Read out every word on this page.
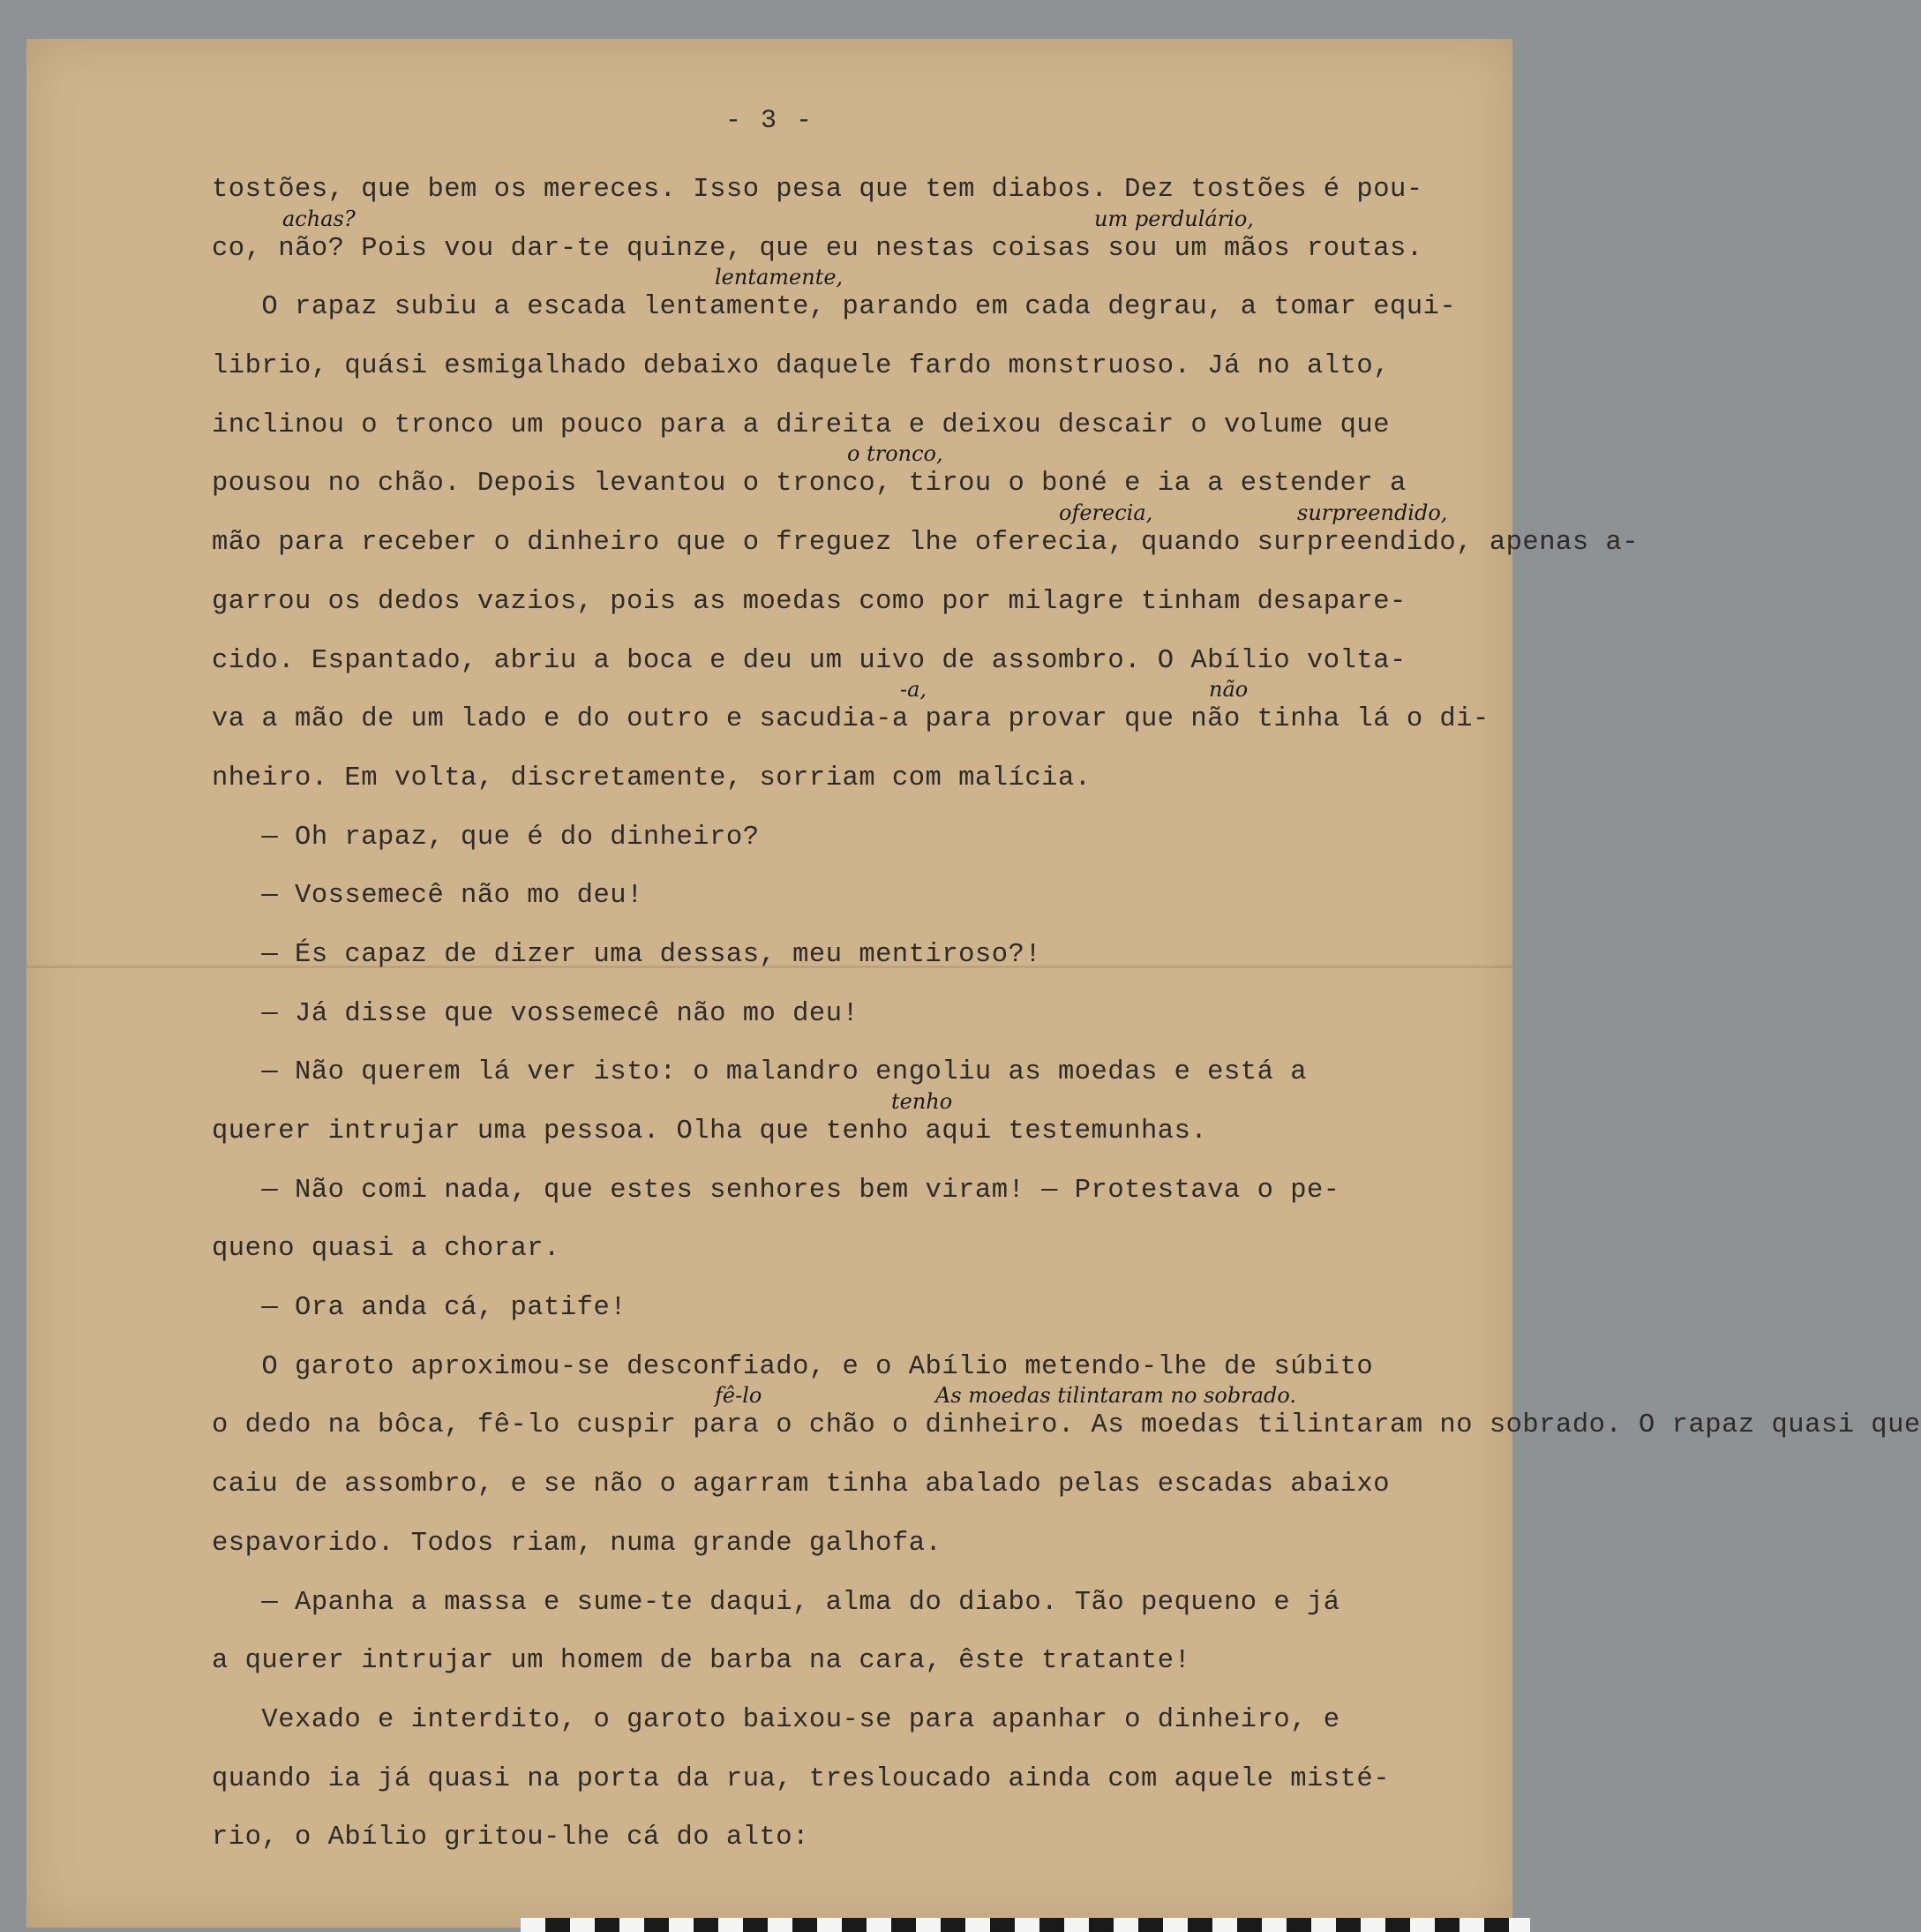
- 3 -
tostões, que bem os mereces. Isso pesa que tem diabos. Dez tostões é pou-
co, não? Pois vou dar-te quinze, que eu nestas coisas sou um mãos routas.
achas?	um perdulário,
O rapaz subiu a escada lentamente, parando em cada degrau, a tomar equi-
lentamente,
librio, quási esmigalhado debaixo daquele fardo monstruoso. Já no alto,
inclinou o tronco um pouco para a direita e deixou descair o volume que
pousou no chão. Depois levantou o tronco, tirou o boné e ia a estender a
o tronco,
mão para receber o dinheiro que o freguez lhe oferecia, quando surpreendido, apenas a-
oferecia,	surpreendido,
garrou os dedos vazios, pois as moedas como por milagre tinham desapare-
cido. Espantado, abriu a boca e deu um uivo de assombro. O Abílio volta-
va a mão de um lado e do outro e sacudia-a para provar que não tinha lá o di-
-a,	não
nheiro. Em volta, discretamente, sorriam com malícia.
— Oh rapaz, que é do dinheiro?
— Vossemecê não mo deu!
— És capaz de dizer uma dessas, meu mentiroso?!
— Já disse que vossemecê não mo deu!
— Não querem lá ver isto: o malandro engoliu as moedas e está a
querer intrujar uma pessoa. Olha que tenho aqui testemunhas.
tenho
— Não comi nada, que estes senhores bem viram! — Protestava o pe-
queno quasi a chorar.
— Ora anda cá, patife!
O garoto aproximou-se desconfiado, e o Abílio metendo-lhe de súbito
o dedo na bôca, fê-lo cuspir para o chão o dinheiro. As moedas tilintaram no sobrado. O rapaz quasi que
fê-lo	As moedas tilintaram no sobrado.
caiu de assombro, e se não o agarram tinha abalado pelas escadas abaixo
espavorido. Todos riam, numa grande galhofa.
— Apanha a massa e sume-te daqui, alma do diabo. Tão pequeno e já
a querer intrujar um homem de barba na cara, êste tratante!
Vexado e interdito, o garoto baixou-se para apanhar o dinheiro, e
quando ia já quasi na porta da rua, tresloucado ainda com aquele misté-
rio, o Abílio gritou-lhe cá do alto:
